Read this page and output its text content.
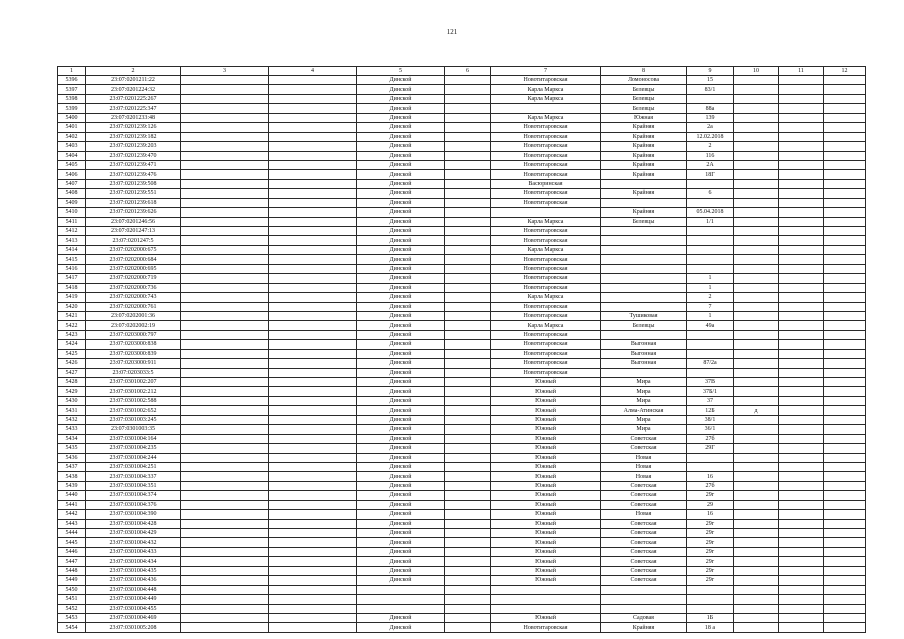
121
1	2	3	4	5	6	7	8	9	10	11	12
5396	23:07:0201211:22			Динской		Новотитаровская	Ломоносова	15			
5397	23:07:0201224:32			Динской		Карла Маркса	Белевцы	83/1			
5398	23:07:0201225:267			Динской		Карла Маркса	Белевцы				
5399	23:07:0201225:347			Динской			Белевцы	88а			
5400	23:07:0201233:48			Динской		Карла Маркса	Южная	139			
5401	23:07:0201239:126			Динской		Новотитаровская	Крайняя	2а			
5402	23:07:0201239:182			Динской		Новотитаровская	Крайняя	12.02.2018			
5403	23:07:0201239:203			Динской		Новотитаровская	Крайняя	2			
5404	23:07:0201239:470			Динской		Новотитаровская	Крайняя	116			
5405	23:07:0201239:471			Динской		Новотитаровская	Крайняя	2А			
5406	23:07:0201239:476			Динской		Новотитаровская	Крайняя	18Г			
5407	23:07:0201239:508			Динской		Васюринская					
5408	23:07:0201239:551			Динской		Новотитаровская	Крайняя	6			
5409	23:07:0201239:618			Динской		Новотитаровская					
5410	23:07:0201239:626			Динской			Крайняя	05.04.2018			
5411	23:07:0201246:56			Динской		Карла Маркса	Белевцы	1/1			
5412	23:07:0201247:13			Динской		Новотитаровская					
5413	23:07:0201247:5			Динской		Новотитаровская					
5414	23:07:0202000:675			Динской		Карла Маркса					
5415	23:07:0202000:684			Динской		Новотитаровская					
5416	23:07:0202000:695			Динской		Новотитаровская					
5417	23:07:0202000:719			Динской		Новотитаровская		1			
5418	23:07:0202000:736			Динской		Новотитаровская		1			
5419	23:07:0202000:743			Динской		Карла Маркса		2			
5420	23:07:0202000:761			Динской		Новотитаровская		7			
5421	23:07:0202001:36			Динской		Новотитаровская	Тушиковая	1			
5422	23:07:0202002:19			Динской		Карла Маркса	Белевцы	49а			
5423	23:07:0203000:797			Динской		Новотитаровская					
5424	23:07:0203000:838			Динской		Новотитаровская	Выгонная				
5425	23:07:0203000:839			Динской		Новотитаровская	Выгонная				
5426	23:07:0203000:911			Динской		Новотитаровская	Выгонная	87/2а			
5427	23:07:0203033:5			Динской		Новотитаровская					
5428	23:07:0301002:207			Динской		Южный	Мира	37В			
5429	23:07:0301002:212			Динской		Южный	Мира	37Б/1			
5430	23:07:0301002:588			Динской		Южный	Мира	37			
5431	23:07:0301002:652			Динской		Южный	Алма-Атинская	12Б	д		
5432	23:07:0301003:245			Динской		Южный	Мира	38/1			
5433	23:07:0301003:35			Динской		Южный	Мира	36/1			
5434	23:07:0301004:164			Динской		Южный	Советская	27б			
5435	23:07:0301004:235			Динской		Южный	Советская	29Г			
5436	23:07:0301004:244			Динской		Южный	Новая				
5437	23:07:0301004:251			Динской		Южный	Новая				
5438	23:07:0301004:337			Динской		Южный	Новая	16			
5439	23:07:0301004:351			Динской		Южный	Советская	27б			
5440	23:07:0301004:374			Динской		Южный	Советская	29г			
5441	23:07:0301004:376			Динской		Южный	Советская	29			
5442	23:07:0301004:390			Динской		Южный	Новая	16			
5443	23:07:0301004:428			Динской		Южный	Советская	29г			
5444	23:07:0301004:429			Динской		Южный	Советская	29г			
5445	23:07:0301004:432			Динской		Южный	Советская	29г			
5446	23:07:0301004:433			Динской		Южный	Советская	29г			
5447	23:07:0301004:434			Динской		Южный	Советская	29г			
5448	23:07:0301004:435			Динской		Южный	Советская	29г			
5449	23:07:0301004:436			Динской		Южный	Советская	29г			
5450	23:07:0301004:448										
5451	23:07:0301004:449										
5452	23:07:0301004:455										
5453	23:07:0301004:469			Динской		Южный	Садовая	1Б			
5454	23:07:0301005:208			Динской		Новотитаровская	Крайняя	18 а			
